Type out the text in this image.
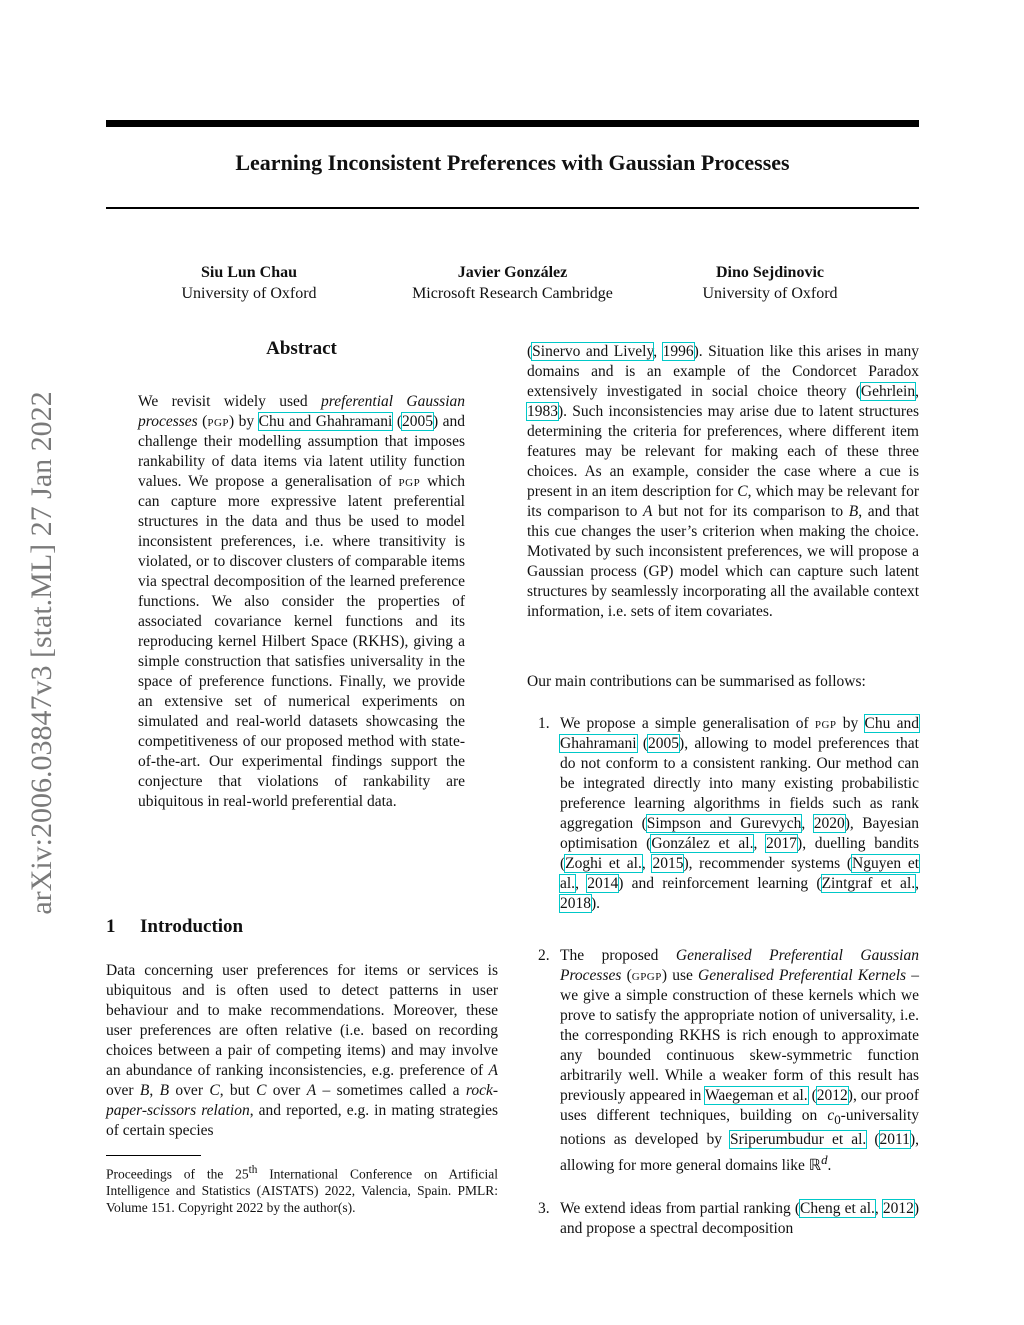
arXiv:2006.03847v3 [stat.ML] 27 Jan 2022
Learning Inconsistent Preferences with Gaussian Processes
Siu Lun Chau
University of Oxford
Javier González
Microsoft Research Cambridge
Dino Sejdinovic
University of Oxford
Abstract

We revisit widely used preferential Gaussian processes (pgp) by Chu and Ghahramani (2005) and challenge their modelling assumption that imposes rankability of data items via latent utility function values. We propose a generalisation of pgp which can capture more expressive latent preferential structures in the data and thus be used to model inconsistent preferences, i.e. where transitivity is violated, or to discover clusters of comparable items via spectral decomposition of the learned preference functions. We also consider the properties of associated covariance kernel functions and its reproducing kernel Hilbert Space (RKHS), giving a simple construction that satisfies universality in the space of preference functions. Finally, we provide an extensive set of numerical experiments on simulated and real-world datasets showcasing the competitiveness of our proposed method with state-of-the-art. Our experimental findings support the conjecture that violations of rankability are ubiquitous in real-world preferential data.

1 Introduction

Data concerning user preferences for items or services is ubiquitous and is often used to detect patterns in user behaviour and to make recommendations. Moreover, these user preferences are often relative (i.e. based on recording choices between a pair of competing items) and may involve an abundance of ranking inconsistencies, e.g. preference of A over B, B over C, but C over A – sometimes called a rock-paper-scissors relation, and reported, e.g. in mating strategies of certain species

Proceedings of the 25th International Conference on Artificial Intelligence and Statistics (AISTATS) 2022, Valencia, Spain. PMLR: Volume 151. Copyright 2022 by the author(s).

(Sinervo and Lively, 1996). Situation like this arises in many domains and is an example of the Condorcet Paradox extensively investigated in social choice theory (Gehrlein, 1983). Such inconsistencies may arise due to latent structures determining the criteria for preferences, where different item features may be relevant for making each of these three choices. As an example, consider the case where a cue is present in an item description for C, which may be relevant for its comparison to A but not for its comparison to B, and that this cue changes the user’s criterion when making the choice. Motivated by such inconsistent preferences, we will propose a Gaussian process (GP) model which can capture such latent structures by seamlessly incorporating all the available context information, i.e. sets of item covariates.

Our main contributions can be summarised as follows:

1. We propose a simple generalisation of pgp by Chu and Ghahramani (2005), allowing to model preferences that do not conform to a consistent ranking. Our method can be integrated directly into many existing probabilistic preference learning algorithms in fields such as rank aggregation (Simpson and Gurevych, 2020), Bayesian optimisation (González et al., 2017), duelling bandits (Zoghi et al., 2015), recommender systems (Nguyen et al., 2014) and reinforcement learning (Zintgraf et al., 2018).

2. The proposed Generalised Preferential Gaussian Processes (gpgp) use Generalised Preferential Kernels – we give a simple construction of these kernels which we prove to satisfy the appropriate notion of universality, i.e. the corresponding RKHS is rich enough to approximate any bounded continuous skew-symmetric function arbitrarily well. While a weaker form of this result has previously appeared in Waegeman et al. (2012), our proof uses different techniques, building on $c_0$-universality notions as developed by Sriperumbudur et al. (2011), allowing for more general domains like ℝ$^d$.

3. We extend ideas from partial ranking (Cheng et al., 2012) and propose a spectral decomposition
